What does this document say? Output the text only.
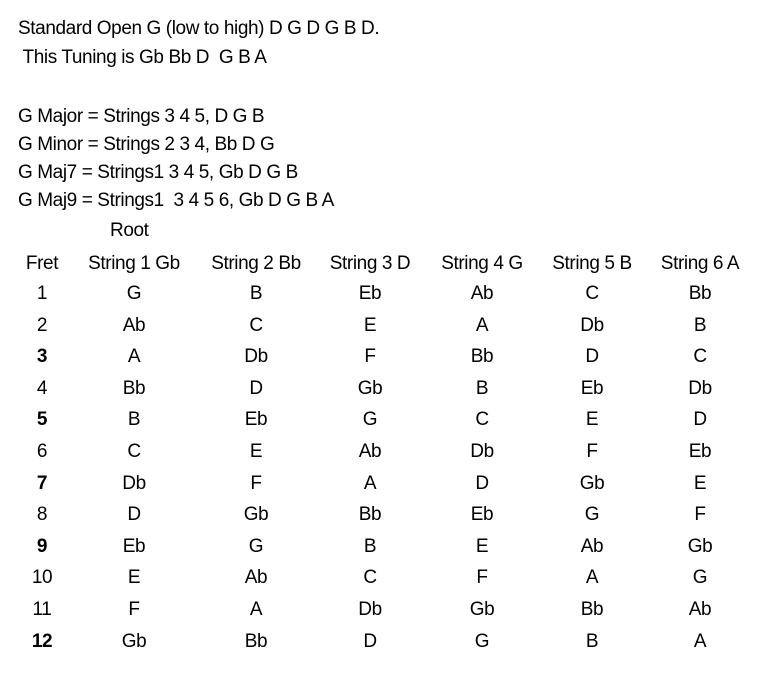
Standard Open G (low to high) D G D G B D.
This Tuning is Gb Bb D  G B A
G Major = Strings 3 4 5, D G B
G Minor = Strings 2 3 4, Bb D G
G Maj7 = Strings1 3 4 5, Gb D G B
G Maj9 = Strings1  3 4 5 6, Gb D G B A
Root
Fret	String 1 Gb	String 2 Bb	String 3 D	String 4 G	String 5 B	String 6 A
1	G	B	Eb	Ab	C	Bb
2	Ab	C	E	A	Db	B
3	A	Db	F	Bb	D	C
4	Bb	D	Gb	B	Eb	Db
5	B	Eb	G	C	E	D
6	C	E	Ab	Db	F	Eb
7	Db	F	A	D	Gb	E
8	D	Gb	Bb	Eb	G	F
9	Eb	G	B	E	Ab	Gb
10	E	Ab	C	F	A	G
11	F	A	Db	Gb	Bb	Ab
12	Gb	Bb	D	G	B	A
